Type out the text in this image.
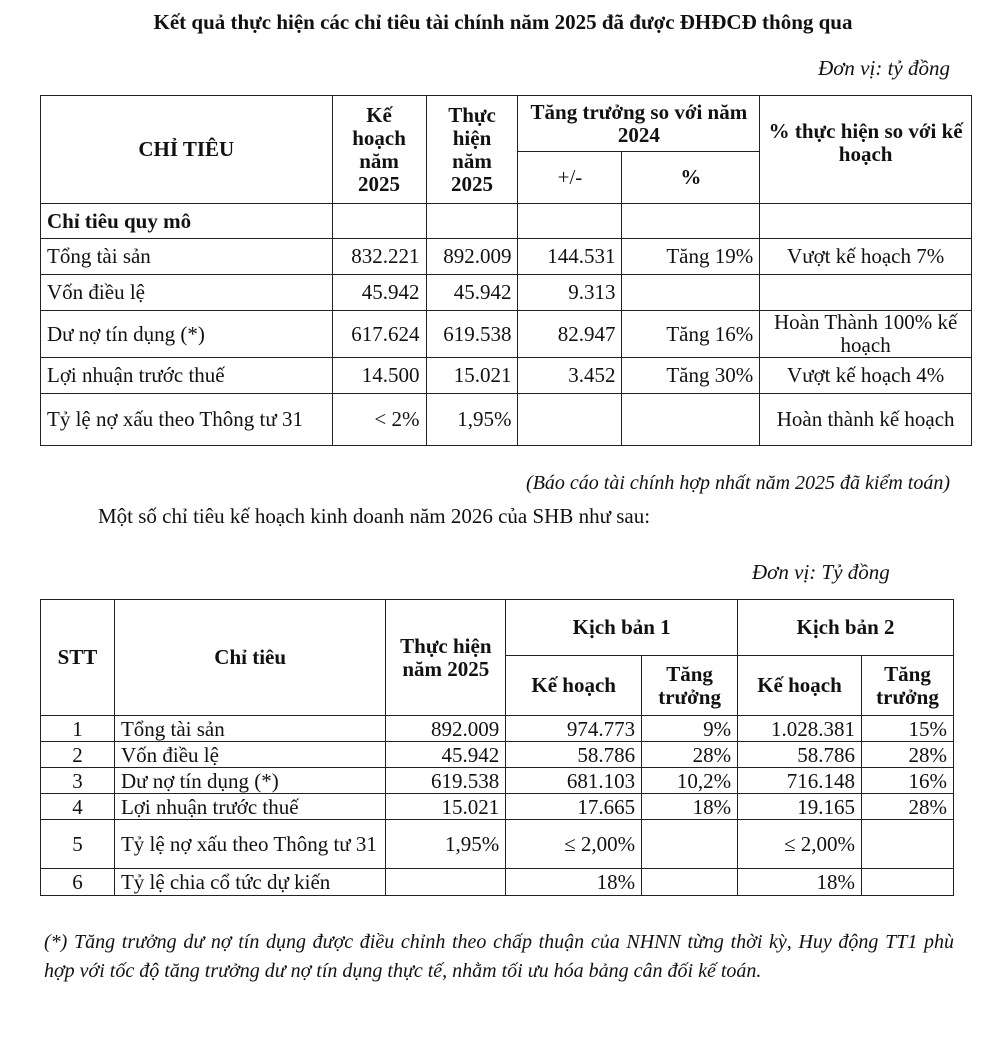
Kết quả thực hiện các chỉ tiêu tài chính năm 2025 đã được ĐHĐCĐ thông qua
Đơn vị: tỷ đồng
CHỈ TIÊU	Kế hoạch năm 2025	Thực hiện năm 2025	Tăng trưởng so với năm 2024		% thực hiện so với kế hoạch
			+/-	%	
Chỉ tiêu quy mô					
Tổng tài sản	832.221	892.009	144.531	Tăng 19%	Vượt kế hoạch 7%
Vốn điều lệ	45.942	45.942	9.313		
Dư nợ tín dụng (*)	617.624	619.538	82.947	Tăng 16%	Hoàn Thành 100% kế hoạch
Lợi nhuận trước thuế	14.500	15.021	3.452	Tăng 30%	Vượt kế hoạch 4%
Tỷ lệ nợ xấu theo Thông tư 31	< 2%	1,95%			Hoàn thành kế hoạch
(Báo cáo tài chính hợp nhất năm 2025 đã kiểm toán)
Một số chỉ tiêu kế hoạch kinh doanh năm 2026 của SHB như sau:
Đơn vị: Tỷ đồng
STT	Chỉ tiêu	Thực hiện năm 2025	Kịch bản 1		Kịch bản 2	
			Kế hoạch	Tăng trưởng	Kế hoạch	Tăng trưởng
1	Tổng tài sản	892.009	974.773	9%	1.028.381	15%
2	Vốn điều lệ	45.942	58.786	28%	58.786	28%
3	Dư nợ tín dụng (*)	619.538	681.103	10,2%	716.148	16%
4	Lợi nhuận trước thuế	15.021	17.665	18%	19.165	28%
5	Tỷ lệ nợ xấu theo Thông tư 31	1,95%	≤ 2,00%		≤ 2,00%	
6	Tỷ lệ chia cổ tức dự kiến		18%		18%	
(*) Tăng trưởng dư nợ tín dụng được điều chỉnh theo chấp thuận của NHNN từng thời kỳ, Huy động TT1 phù hợp với tốc độ tăng trưởng dư nợ tín dụng thực tế, nhằm tối ưu hóa bảng cân đối kế toán.
